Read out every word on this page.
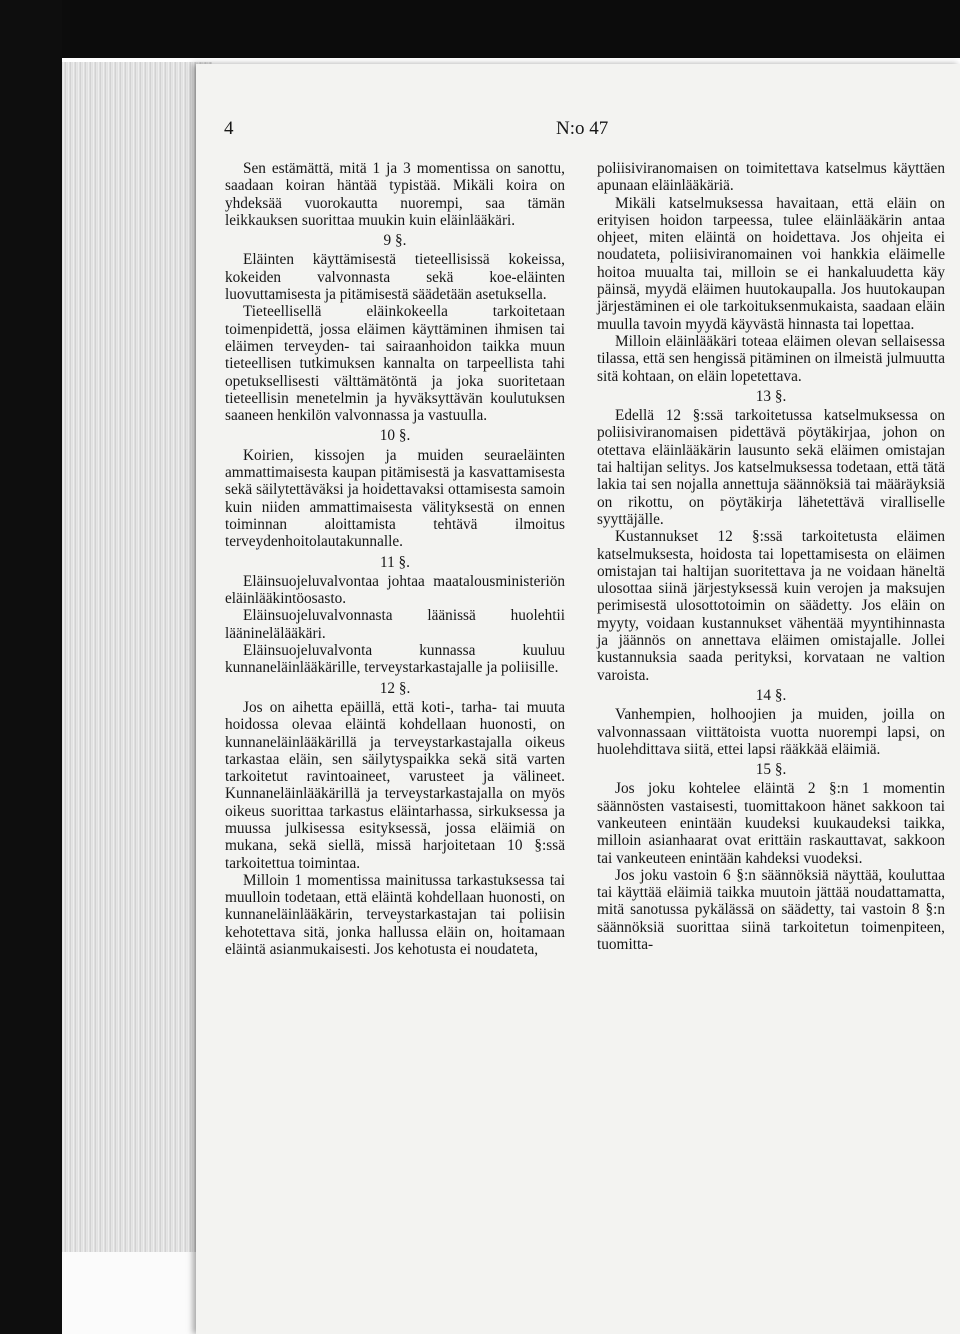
4	N:o 47

Sen estämättä, mitä 1 ja 3 momentissa on sanottu, saadaan koiran häntää typistää. Mikäli koira on yhdeksää vuorokautta nuorempi, saa tämän leikkauksen suorittaa muukin kuin eläinlääkäri.

9 §.

Eläinten käyttämisestä tieteellisissä kokeissa, kokeiden valvonnasta sekä koe-eläinten luovuttamisesta ja pitämisestä säädetään asetuksella.

Tieteellisellä eläinkokeella tarkoitetaan toimenpidettä, jossa eläimen käyttäminen ihmisen tai eläimen terveyden- tai sairaanhoidon taikka muun tieteellisen tutkimuksen kannalta on tarpeellista tahi opetuksellisesti välttämätöntä ja joka suoritetaan tieteellisin menetelmin ja hyväksyttävän koulutuksen saaneen henkilön valvonnassa ja vastuulla.

10 §.

Koirien, kissojen ja muiden seuraeläinten ammattimaisesta kaupan pitämisestä ja kasvattamisesta sekä säilytettäväksi ja hoidettavaksi ottamisesta samoin kuin niiden ammattimaisesta välityksestä on ennen toiminnan aloittamista tehtävä ilmoitus terveydenhoitolautakunnalle.

11 §.

Eläinsuojeluvalvontaa johtaa maatalousministeriön eläinlääkintöosasto.

Eläinsuojeluvalvonnasta läänissä huolehtii lääninelälääkäri.

Eläinsuojeluvalvonta kunnassa kuuluu kunnaneläinlääkärille, terveystarkastajalle ja poliisille.

12 §.

Jos on aihetta epäillä, että koti-, tarha- tai muuta hoidossa olevaa eläintä kohdellaan huonosti, on kunnaneläinlääkärillä ja terveystarkastajalla oikeus tarkastaa eläin, sen säilytyspaikka sekä sitä varten tarkoitetut ravintoaineet, varusteet ja välineet. Kunnaneläinlääkärillä ja terveystarkastajalla on myös oikeus suorittaa tarkastus eläintarhassa, sirkuksessa ja muussa julkisessa esityksessä, jossa eläimiä on mukana, sekä siellä, missä harjoitetaan 10 §:ssä tarkoitettua toimintaa.

Milloin 1 momentissa mainitussa tarkastuksessa tai muulloin todetaan, että eläintä kohdellaan huonosti, on kunnaneläinlääkärin, terveystarkastajan tai poliisin kehotettava sitä, jonka hallussa eläin on, hoitamaan eläintä asianmukaisesti. Jos kehotusta ei noudateta,

poliisiviranomaisen on toimitettava katselmus käyttäen apunaan eläinlääkäriä.

Mikäli katselmuksessa havaitaan, että eläin on erityisen hoidon tarpeessa, tulee eläinlääkärin antaa ohjeet, miten eläintä on hoidettava. Jos ohjeita ei noudateta, poliisiviranomainen voi hankkia eläimelle hoitoa muualta tai, milloin se ei hankaluudetta käy päinsä, myydä eläimen huutokaupalla. Jos huutokaupan järjestäminen ei ole tarkoituksenmukaista, saadaan eläin muulla tavoin myydä käyvästä hinnasta tai lopettaa.

Milloin eläinlääkäri toteaa eläimen olevan sellaisessa tilassa, että sen hengissä pitäminen on ilmeistä julmuutta sitä kohtaan, on eläin lopetettava.

13 §.

Edellä 12 §:ssä tarkoitetussa katselmuksessa on poliisiviranomaisen pidettävä pöytäkirjaa, johon on otettava eläinlääkärin lausunto sekä eläimen omistajan tai haltijan selitys. Jos katselmuksessa todetaan, että tätä lakia tai sen nojalla annettuja säännöksiä tai määräyksiä on rikottu, on pöytäkirja lähetettävä viralliselle syyttäjälle.

Kustannukset 12 §:ssä tarkoitetusta eläimen katselmuksesta, hoidosta tai lopettamisesta on eläimen omistajan tai haltijan suoritettava ja ne voidaan häneltä ulosottaa siinä järjestyksessä kuin verojen ja maksujen perimisestä ulosottotoimin on säädetty. Jos eläin on myyty, voidaan kustannukset vähentää myyntihinnasta ja jäännös on annettava eläimen omistajalle. Jollei kustannuksia saada perityksi, korvataan ne valtion varoista.

14 §.

Vanhempien, holhoojien ja muiden, joilla on valvonnassaan viittätoista vuotta nuorempi lapsi, on huolehdittava siitä, ettei lapsi rääkkää eläimiä.

15 §.

Jos joku kohtelee eläintä 2 §:n 1 momentin säännösten vastaisesti, tuomittakoon hänet sakkoon tai vankeuteen enintään kuudeksi kuukaudeksi taikka, milloin asianhaarat ovat erittäin raskauttavat, sakkoon tai vankeuteen enintään kahdeksi vuodeksi.

Jos joku vastoin 6 §:n säännöksiä näyttää, kouluttaa tai käyttää eläimiä taikka muutoin jättää noudattamatta, mitä sanotussa pykälässä on säädetty, tai vastoin 8 §:n säännöksiä suorittaa siinä tarkoitetun toimenpiteen, tuomitta-
